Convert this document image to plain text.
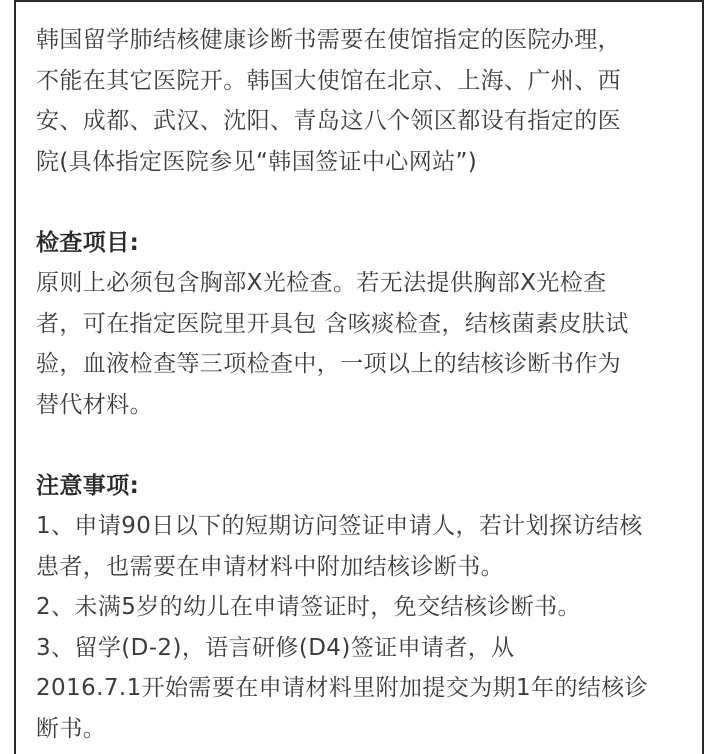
韩国留学肺结核健康诊断书需要在使馆指定的医院办理，
不能在其它医院开。韩国大使馆在北京、上海、广州、西
安、成都、武汉、沈阳、青岛这八个领区都设有指定的医
院(具体指定医院参见“韩国签证中心网站”)
检查项目:
原则上必须包含胸部X光检查。若无法提供胸部X光检查
者，可在指定医院里开具包 含咳痰检查，结核菌素皮肤试
验，血液检查等三项检查中，一项以上的结核诊断书作为
替代材料。
注意事项:
1、申请90日以下的短期访问签证申请人，若计划探访结核
患者，也需要在申请材料中附加结核诊断书。
2、未满5岁的幼儿在申请签证时，免交结核诊断书。
3、留学(D-2)，语言研修(D4)签证申请者，从
2016.7.1开始需要在申请材料里附加提交为期1年的结核诊
断书。
